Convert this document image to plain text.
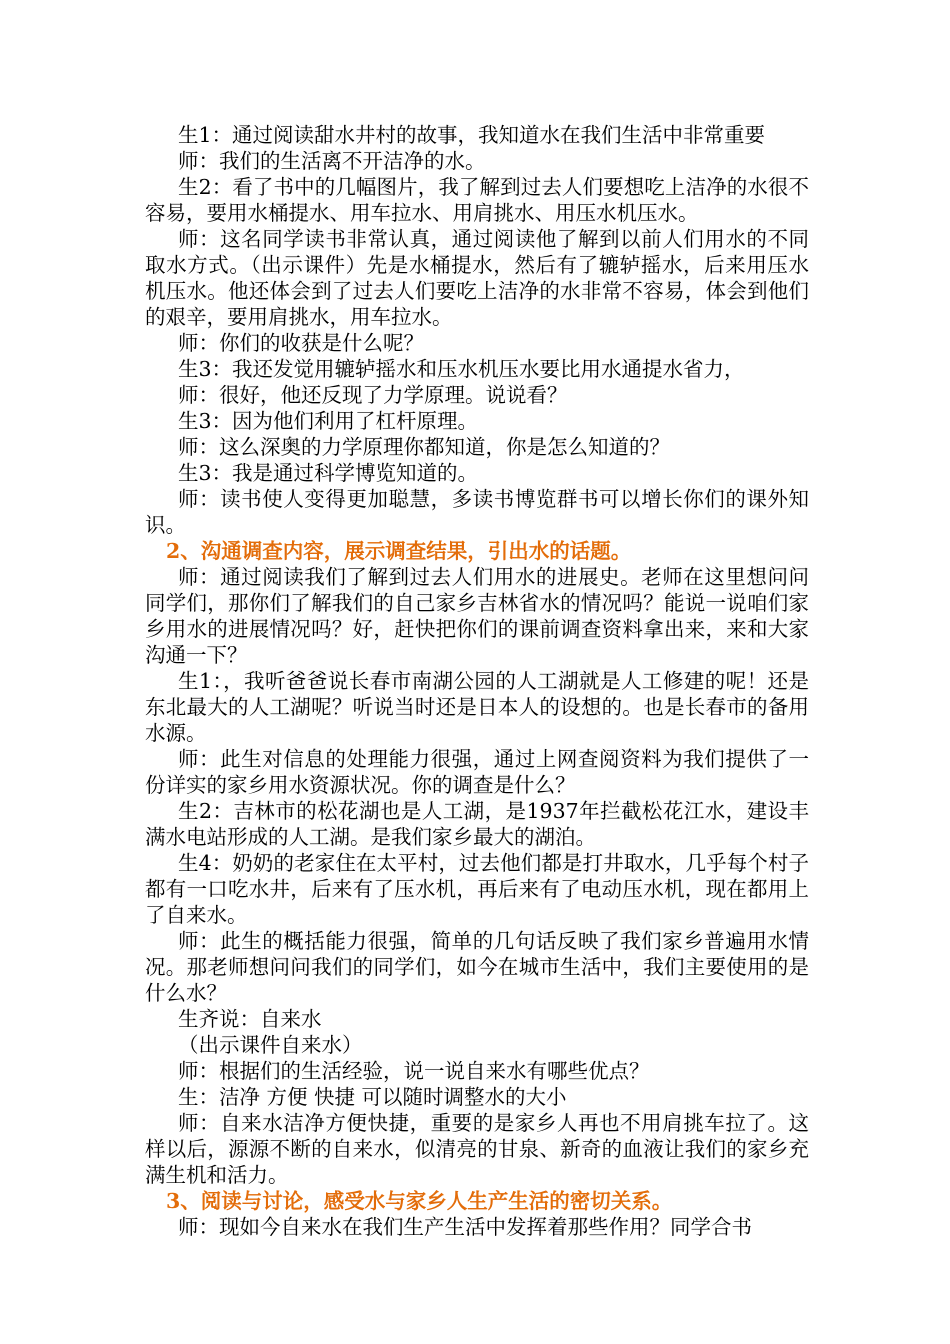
生1：通过阅读甜水井村的故事，我知道水在我们生活中非常重要

师：我们的生活离不开洁净的水。

生2：看了书中的几幅图片，我了解到过去人们要想吃上洁净的水很不容易，要用水桶提水、用车拉水、用肩挑水、用压水机压水。

师：这名同学读书非常认真，通过阅读他了解到以前人们用水的不同取水方式。（出示课件）先是水桶提水，然后有了辘轳摇水，后来用压水机压水。他还体会到了过去人们要吃上洁净的水非常不容易，体会到他们的艰辛，要用肩挑水，用车拉水。

师：你们的收获是什么呢？

生3：我还发觉用辘轳摇水和压水机压水要比用水通提水省力，

师：很好，他还反现了力学原理。说说看？

生3：因为他们利用了杠杆原理。

师：这么深奥的力学原理你都知道，你是怎么知道的？

生3：我是通过科学博览知道的。

师：读书使人变得更加聪慧，多读书博览群书可以增长你们的课外知识。

2、沟通调查内容，展示调查结果，引出水的话题。

师：通过阅读我们了解到过去人们用水的进展史。老师在这里想问问同学们，那你们了解我们的自己家乡吉林省水的情况吗？能说一说咱们家乡用水的进展情况吗？好，赶快把你们的课前调查资料拿出来，来和大家沟通一下？

生1：，我听爸爸说长春市南湖公园的人工湖就是人工修建的呢！还是东北最大的人工湖呢？听说当时还是日本人的设想的。也是长春市的备用水源。

师：此生对信息的处理能力很强，通过上网查阅资料为我们提供了一份详实的家乡用水资源状况。你的调查是什么？

生2：吉林市的松花湖也是人工湖，是1937年拦截松花江水，建设丰满水电站形成的人工湖。是我们家乡最大的湖泊。

生4：奶奶的老家住在太平村，过去他们都是打井取水，几乎每个村子都有一口吃水井，后来有了压水机，再后来有了电动压水机，现在都用上了自来水。

师：此生的概括能力很强，简单的几句话反映了我们家乡普遍用水情况。那老师想问问我们的同学们，如今在城市生活中，我们主要使用的是什么水？

生齐说：自来水

（出示课件自来水）

师：根据们的生活经验，说一说自来水有哪些优点？

生：洁净 方便 快捷 可以随时调整水的大小

师：自来水洁净方便快捷，重要的是家乡人再也不用肩挑车拉了。这样以后，源源不断的自来水，似清亮的甘泉、新奇的血液让我们的家乡充满生机和活力。

3、阅读与讨论，感受水与家乡人生产生活的密切关系。

师：现如今自来水在我们生产生活中发挥着那些作用？同学合书
